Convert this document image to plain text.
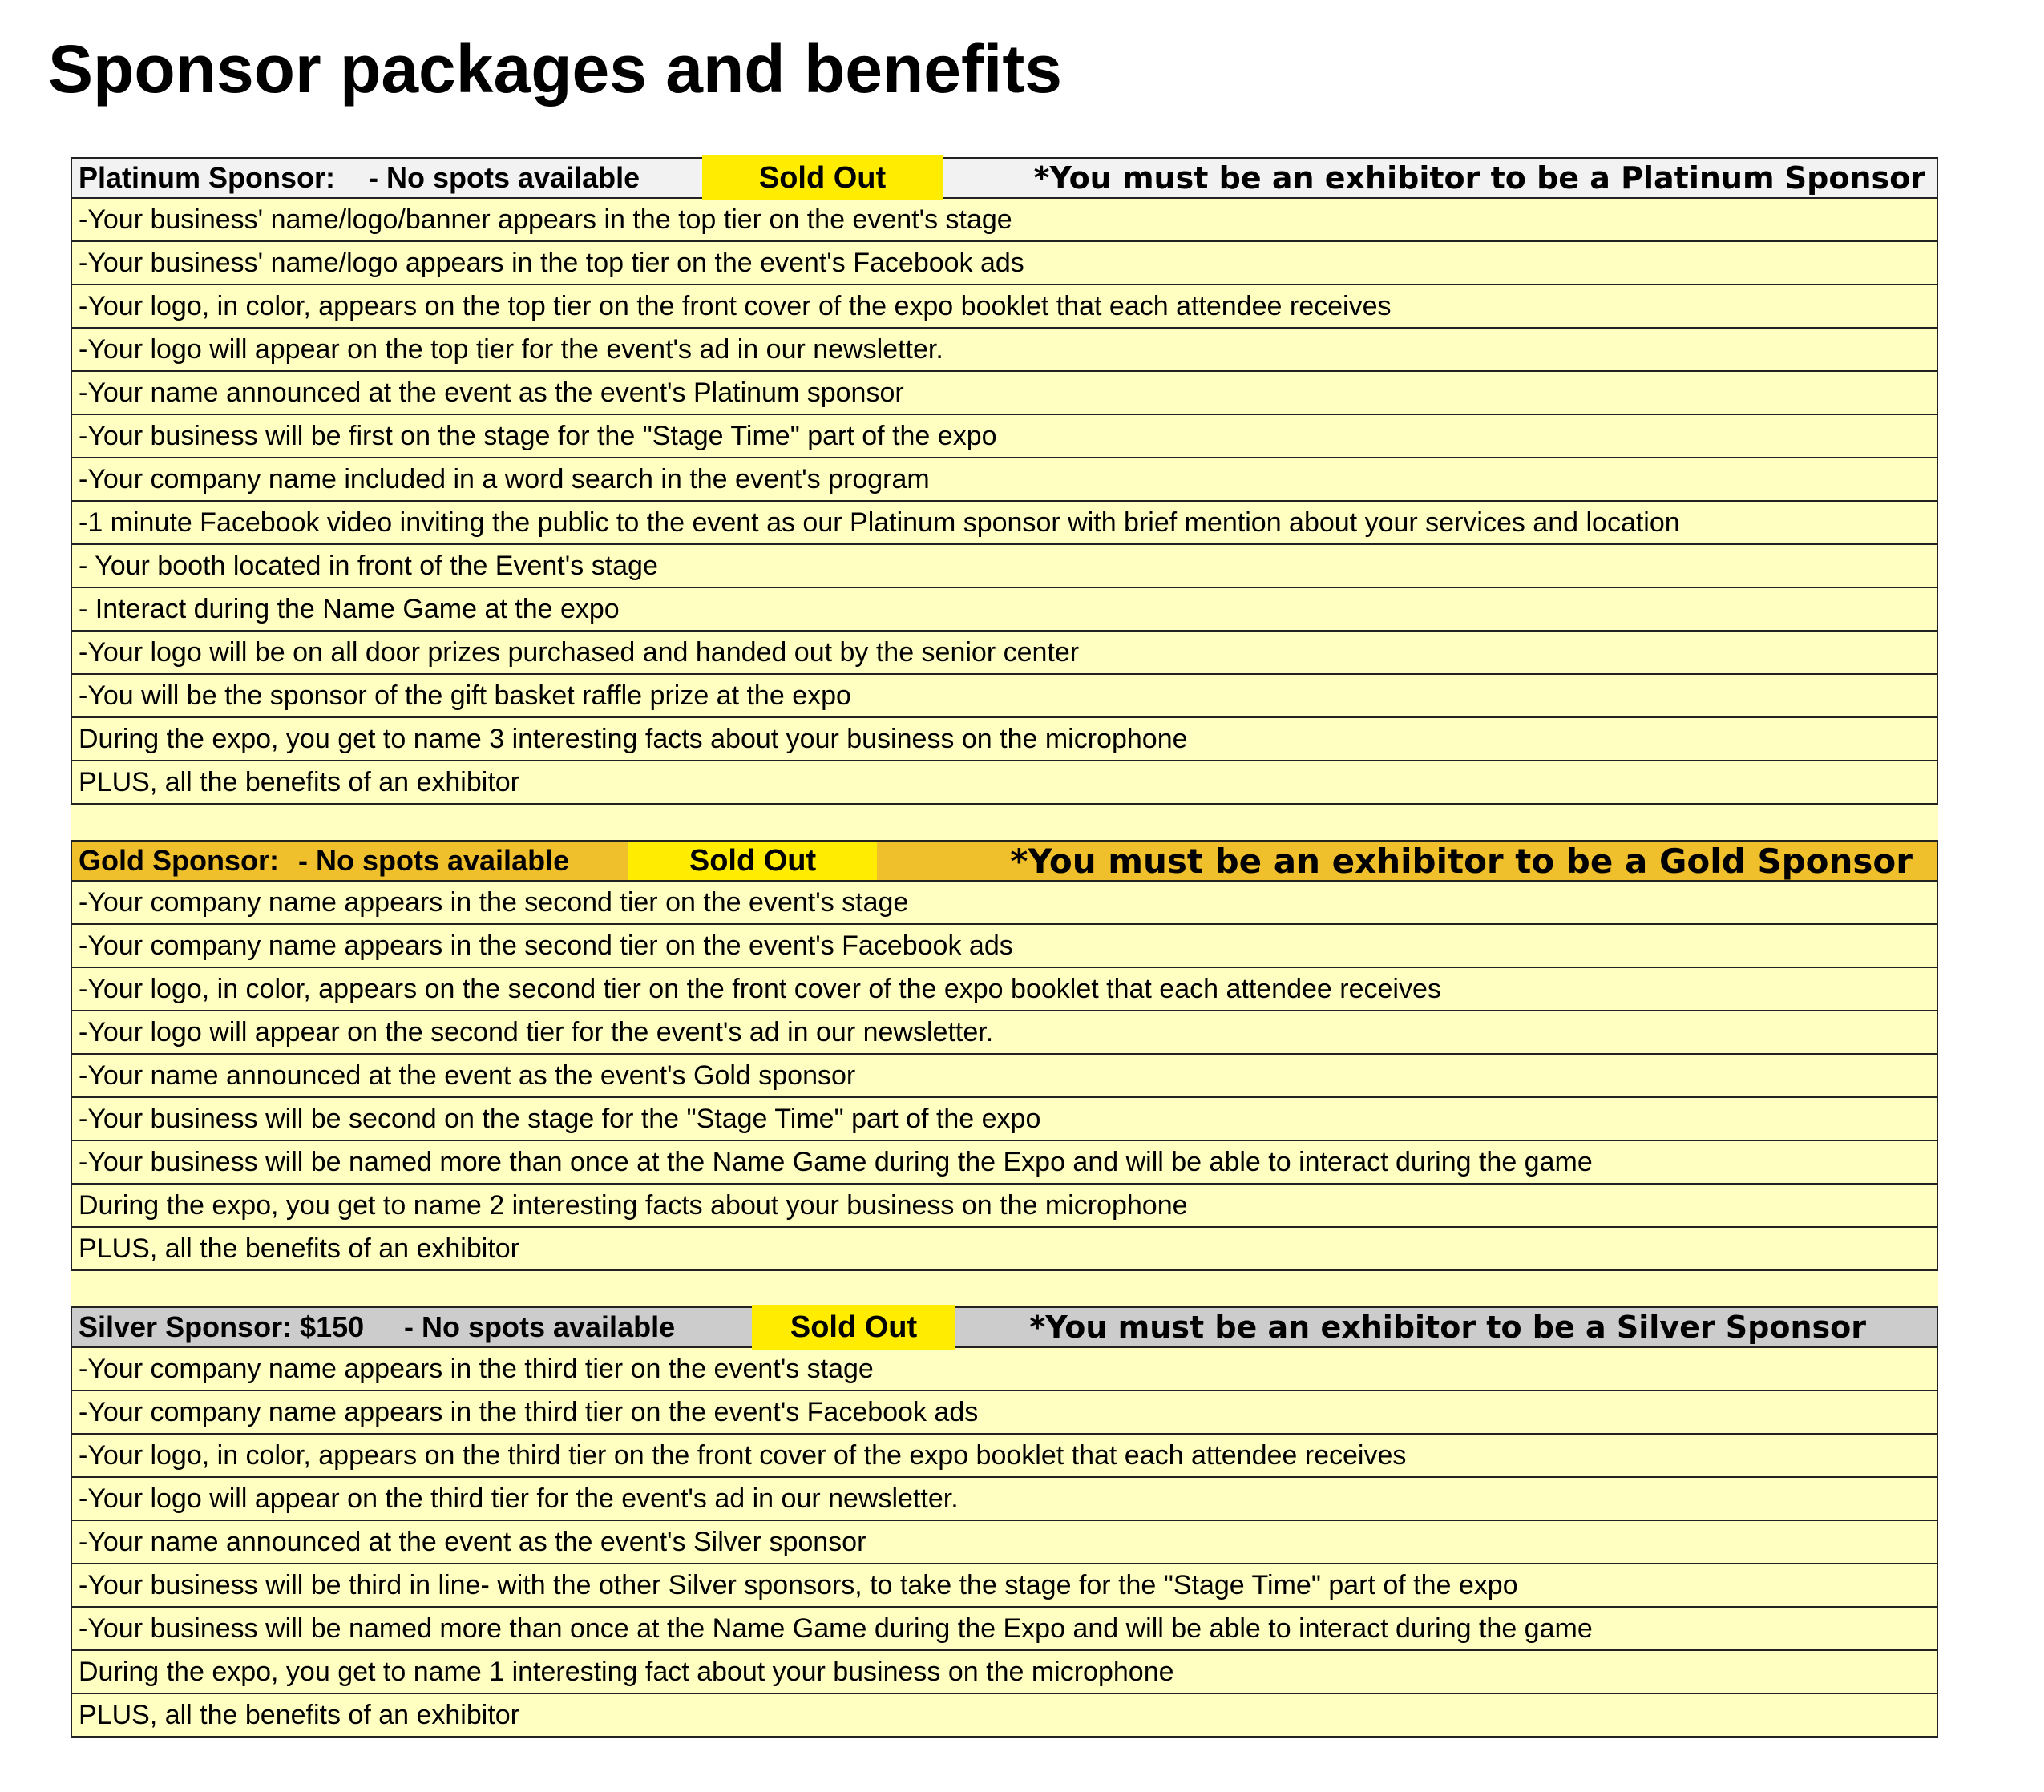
Sponsor packages and benefits
Platinum Sponsor: - No spots available	Sold Out	*You must be an exhibitor to be a Platinum Sponsor
-Your business' name/logo/banner appears in the top tier on the event's stage
-Your business' name/logo appears in the top tier on the event's Facebook ads
-Your logo, in color, appears on the top tier on the front cover of the expo booklet that each attendee receives
-Your logo will appear on the top tier for the event's ad in our newsletter.
-Your name announced at the event as the event's Platinum sponsor
-Your business will be first on the stage for the "Stage Time" part of the expo
-Your company name included in a word search in the event's program
-1 minute Facebook video inviting the public to the event as our Platinum sponsor with brief mention about your services and location
- Your booth located in front of the Event's stage
- Interact during the Name Game at the expo
-Your logo will be on all door prizes purchased and handed out by the senior center
-You will be the sponsor of the gift basket raffle prize at the expo
During the expo, you get to name 3 interesting facts about your business on the microphone
PLUS, all the benefits of an exhibitor
Gold Sponsor: - No spots available	Sold Out	*You must be an exhibitor to be a Gold Sponsor
-Your company name appears in the second tier on the event's stage
-Your company name appears in the second tier on the event's Facebook ads
-Your logo, in color, appears on the second tier on the front cover of the expo booklet that each attendee receives
-Your logo will appear on the second tier for the event's ad in our newsletter.
-Your name announced at the event as the event's Gold sponsor
-Your business will be second on the stage for the "Stage Time" part of the expo
-Your business will be named more than once at the Name Game during the Expo and will be able to interact during the game
During the expo, you get to name 2 interesting facts about your business on the microphone
PLUS, all the benefits of an exhibitor
Silver Sponsor: $150 - No spots available	Sold Out	*You must be an exhibitor to be a Silver Sponsor
-Your company name appears in the third tier on the event's stage
-Your company name appears in the third tier on the event's Facebook ads
-Your logo, in color, appears on the third tier on the front cover of the expo booklet that each attendee receives
-Your logo will appear on the third tier for the event's ad in our newsletter.
-Your name announced at the event as the event's Silver sponsor
-Your business will be third in line- with the other Silver sponsors, to take the stage for the "Stage Time" part of the expo
-Your business will be named more than once at the Name Game during the Expo and will be able to interact during the game
During the expo, you get to name 1 interesting fact about your business on the microphone
PLUS, all the benefits of an exhibitor
